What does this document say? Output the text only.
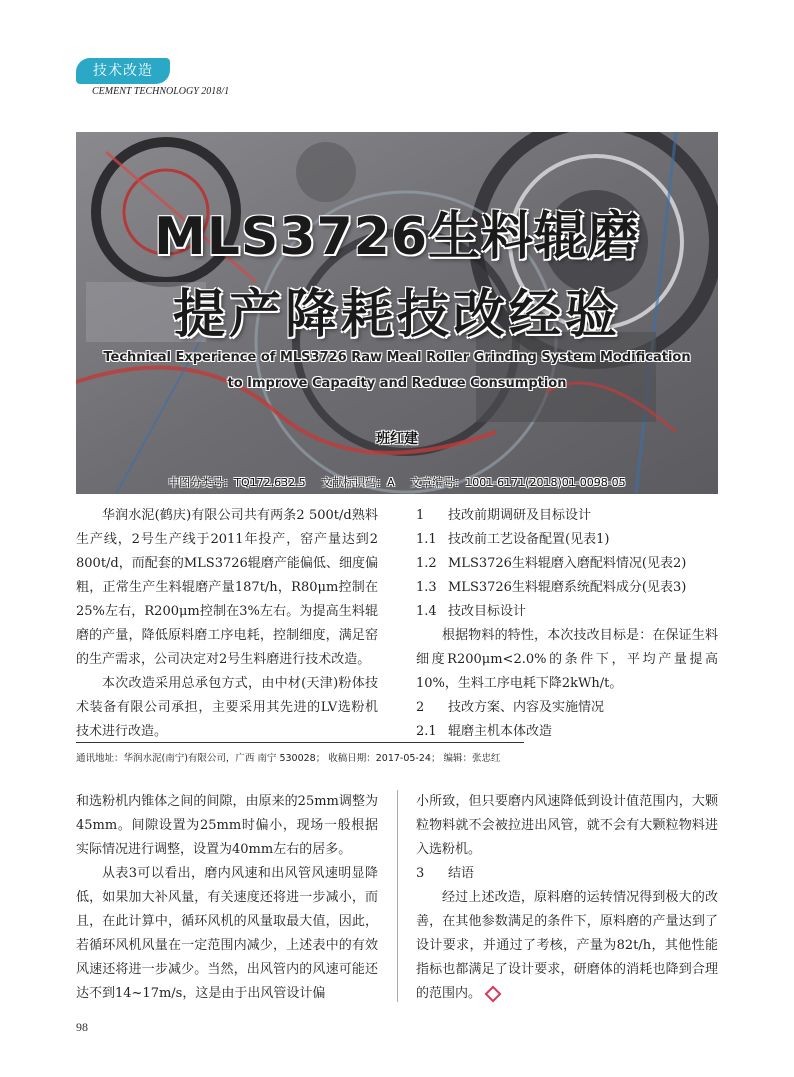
技术改造
CEMENT TECHNOLOGY 2018/1
MLS3726生料辊磨
提产降耗技改经验
Technical Experience of MLS3726 Raw Meal Roller Grinding System Modification
to Improve Capacity and Reduce Consumption
班红建
中图分类号：TQ172.632.5 文献标识码：A 文章编号：1001-6171(2018)01-0098-05

华润水泥(鹤庆)有限公司共有两条2 500t/d熟料生产线，2号生产线于2011年投产，窑产量达到2 800t/d，而配套的MLS3726辊磨产能偏低、细度偏粗，正常生产生料辊磨产量187t/h，R80μm控制在25%左右，R200μm控制在3%左右。为提高生料辊磨的产量，降低原料磨工序电耗，控制细度，满足窑的生产需求，公司决定对2号生料磨进行技术改造。

本次改造采用总承包方式，由中材(天津)粉体技术装备有限公司承担，主要采用其先进的LV选粉机技术进行改造。

1 技改前期调研及目标设计

1.1 技改前工艺设备配置(见表1)

1.2 MLS3726生料辊磨入磨配料情况(见表2)

1.3 MLS3726生料辊磨系统配料成分(见表3)

1.4 技改目标设计

根据物料的特性，本次技改目标是：在保证生料细度R200μm<2.0%的条件下，平均产量提高10%，生料工序电耗下降2kWh/t。

2 技改方案、内容及实施情况

2.1 辊磨主机本体改造

通讯地址：华润水泥(南宁)有限公司，广西 南宁 530028； 收稿日期：2017-05-24； 编辑：张忠红

和选粉机内锥体之间的间隙，由原来的25mm调整为45mm。间隙设置为25mm时偏小，现场一般根据实际情况进行调整，设置为40mm左右的居多。

从表3可以看出，磨内风速和出风管风速明显降低，如果加大补风量，有关速度还将进一步减小，而且，在此计算中，循环风机的风量取最大值，因此，若循环风机风量在一定范围内减少，上述表中的有效风速还将进一步减少。当然，出风管内的风速可能还达不到14~17m/s，这是由于出风管设计偏

小所致，但只要磨内风速降低到设计值范围内，大颗粒物料就不会被拉进出风管，就不会有大颗粒物料进入选粉机。

3 结语

经过上述改造，原料磨的运转情况得到极大的改善，在其他参数满足的条件下，原料磨的产量达到了设计要求，并通过了考核，产量为82t/h，其他性能指标也都满足了设计要求，研磨体的消耗也降到合理的范围内。

98
